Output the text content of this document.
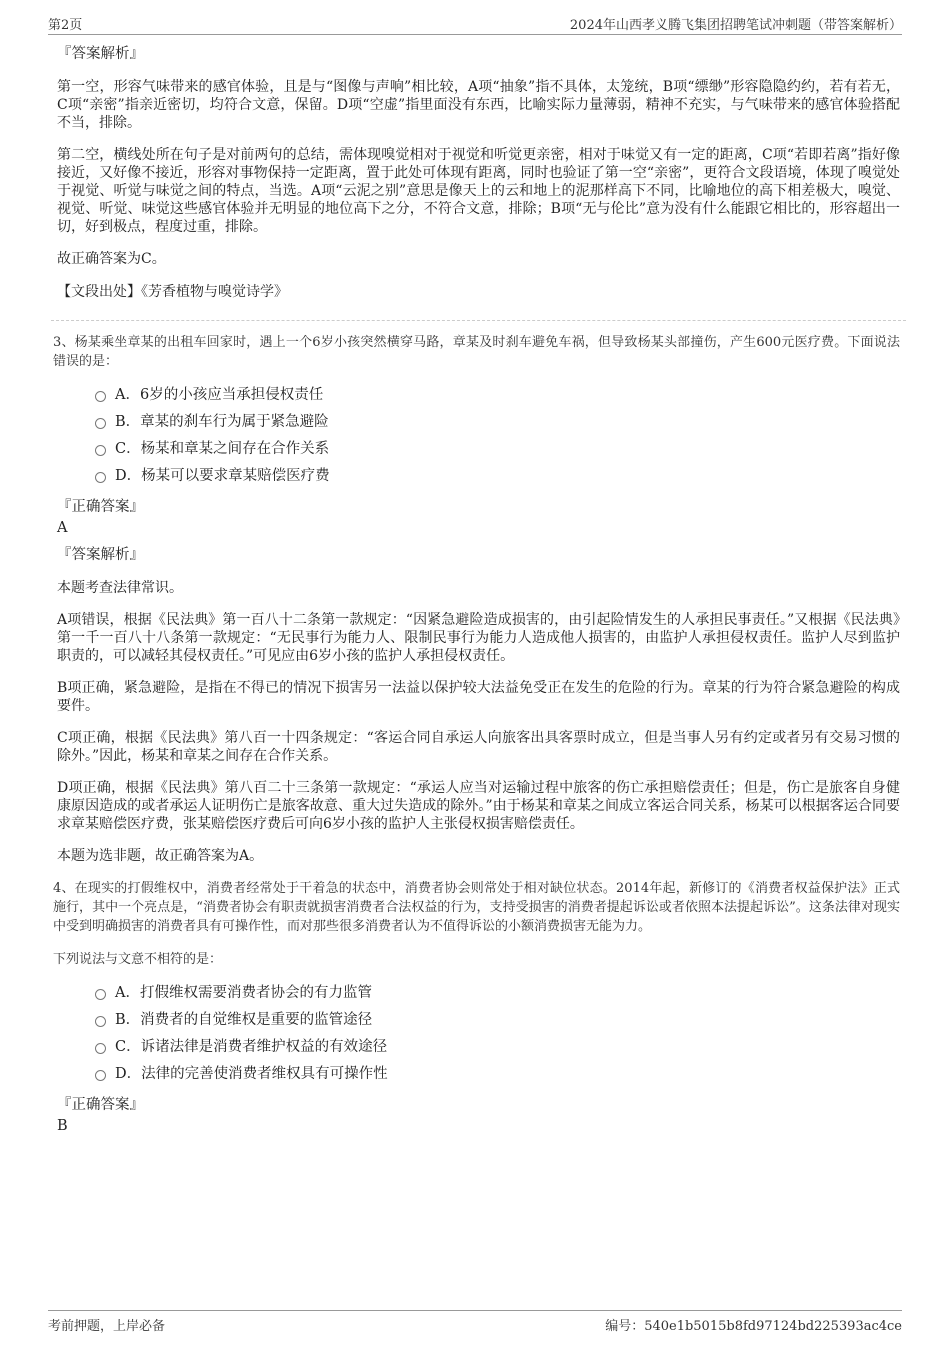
第2页	2024年山西孝义腾飞集团招聘笔试冲刺题（带答案解析）
『答案解析』

第一空，形容气味带来的感官体验，且是与“图像与声响”相比较，A项“抽象”指不具体，太笼统，B项“缥缈”形容隐隐约约，若有若无，C项“亲密”指亲近密切，均符合文意，保留。D项“空虚”指里面没有东西，比喻实际力量薄弱，精神不充实，与气味带来的感官体验搭配不当，排除。

第二空，横线处所在句子是对前两句的总结，需体现嗅觉相对于视觉和听觉更亲密，相对于味觉又有一定的距离，C项“若即若离”指好像接近，又好像不接近，形容对事物保持一定距离，置于此处可体现有距离，同时也验证了第一空“亲密”，更符合文段语境，体现了嗅觉处于视觉、听觉与味觉之间的特点，当选。A项“云泥之别”意思是像天上的云和地上的泥那样高下不同，比喻地位的高下相差极大，嗅觉、视觉、听觉、味觉这些感官体验并无明显的地位高下之分，不符合文意，排除；B项“无与伦比”意为没有什么能跟它相比的，形容超出一切，好到极点，程度过重，排除。

故正确答案为C。

【文段出处】《芳香植物与嗅觉诗学》

3、杨某乘坐章某的出租车回家时，遇上一个6岁小孩突然横穿马路，章某及时刹车避免车祸，但导致杨某头部撞伤，产生600元医疗费。下面说法错误的是：

A．6岁的小孩应当承担侵权责任
B．章某的刹车行为属于紧急避险
C．杨某和章某之间存在合作关系
D．杨某可以要求章某赔偿医疗费
『正确答案』
A
『答案解析』

本题考查法律常识。

A项错误，根据《民法典》第一百八十二条第一款规定：“因紧急避险造成损害的，由引起险情发生的人承担民事责任。”又根据《民法典》第一千一百八十八条第一款规定：“无民事行为能力人、限制民事行为能力人造成他人损害的，由监护人承担侵权责任。监护人尽到监护职责的，可以减轻其侵权责任。”可见应由6岁小孩的监护人承担侵权责任。

B项正确，紧急避险，是指在不得已的情况下损害另一法益以保护较大法益免受正在发生的危险的行为。章某的行为符合紧急避险的构成要件。

C项正确，根据《民法典》第八百一十四条规定：“客运合同自承运人向旅客出具客票时成立，但是当事人另有约定或者另有交易习惯的除外。”因此，杨某和章某之间存在合作关系。

D项正确，根据《民法典》第八百二十三条第一款规定：“承运人应当对运输过程中旅客的伤亡承担赔偿责任；但是，伤亡是旅客自身健康原因造成的或者承运人证明伤亡是旅客故意、重大过失造成的除外。”由于杨某和章某之间成立客运合同关系，杨某可以根据客运合同要求章某赔偿医疗费，张某赔偿医疗费后可向6岁小孩的监护人主张侵权损害赔偿责任。

本题为选非题，故正确答案为A。

4、在现实的打假维权中，消费者经常处于干着急的状态中，消费者协会则常处于相对缺位状态。2014年起，新修订的《消费者权益保护法》正式施行，其中一个亮点是，“消费者协会有职责就损害消费者合法权益的行为，支持受损害的消费者提起诉讼或者依照本法提起诉讼”。这条法律对现实中受到明确损害的消费者具有可操作性，而对那些很多消费者认为不值得诉讼的小额消费损害无能为力。

下列说法与文意不相符的是：

A．打假维权需要消费者协会的有力监管
B．消费者的自觉维权是重要的监管途径
C．诉诸法律是消费者维护权益的有效途径
D．法律的完善使消费者维权具有可操作性
『正确答案』
B
考前押题，上岸必备	编号：540e1b5015b8fd97124bd225393ac4ce
